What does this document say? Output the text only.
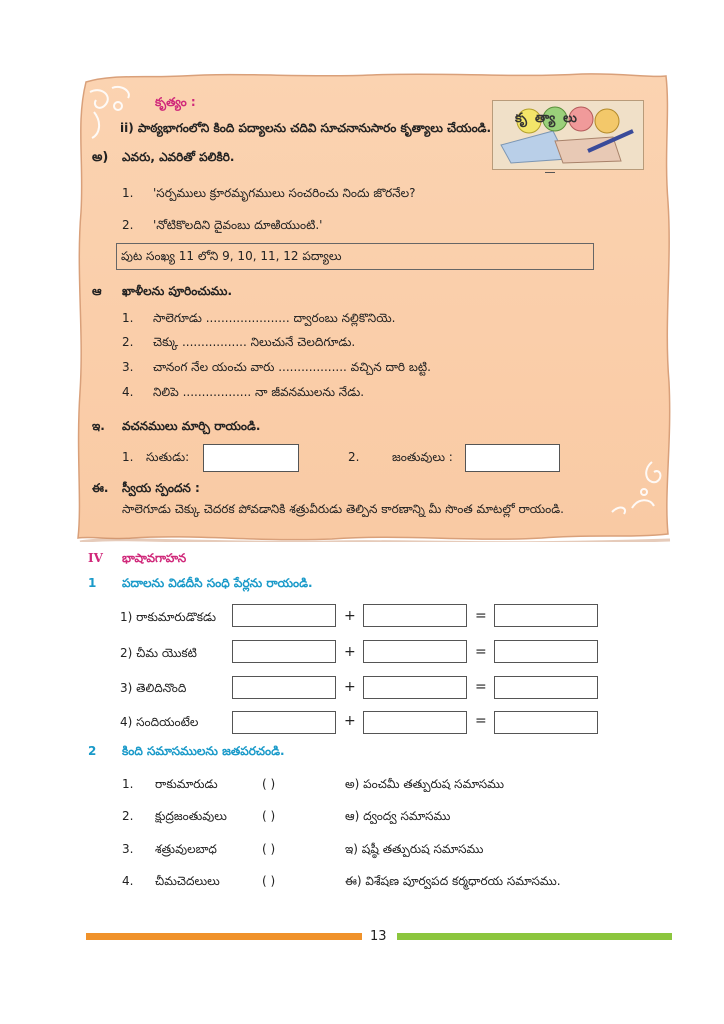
కృత్యం :
ii) పాఠ్యభాగంలోని కింది పద్యాలను చదివి సూచనానుసారం కృత్యాలు చేయండి.
కృత్యాలు
అ) ఎవరు, ఎవరితో పలికిరి.
1. 'సర్పములు క్రూరమృగములు సంచరించు నిందు జొరనేల?
2. 'నోటికొలదిని దైవంబు దూఱియుంటి.'
పుట సంఖ్య 11 లోని 9, 10, 11, 12 పద్యాలు
ఆ ఖాళీలను పూరించుము.
1. సాలెగూడు ...................... ద్వారంబు నల్లికొనియె.
2. చెక్కు ................. నిలుచునే చెలదిగూడు.
3. చానంగ నేల యంచు వారు .................. వచ్చిన దారి బట్టి.
4. నిలిపె .................. నా జీవనములను నేడు.
ఇ. వచనములు మార్చి రాయండి.
1. సుతుడు:	2.	జంతువులు :
ఈ. స్వీయ స్పందన :
సాలెగూడు చెక్కు చెదరక పోవడానికి శత్రువీరుడు తెల్పిన కారణాన్ని మీ సొంత మాటల్లో రాయండి.
IV భాషావగాహన
1 పదాలను విడదీసి సంధి పేర్లను రాయండి.
1) రాకుమారుడొకడు	+	=
2) చీమ యొకటి	+	=
3) తెలిదినొంది	+	=
4) సందియంటేల	+	=
2 కింది సమాసములను జతపరచండి.
1. రాకుమారుడు	( )	అ) పంచమీ తత్పురుష సమాసము
2. క్షుద్రజంతువులు	( )	ఆ) ద్వంద్వ సమాసము
3. శత్రువులబాధ	( )	ఇ) షష్ఠీ తత్పురుష సమాసము
4. చీమచెదలులు	( )	ఈ) విశేషణ పూర్వపద కర్మధారయ సమాసము.
13
